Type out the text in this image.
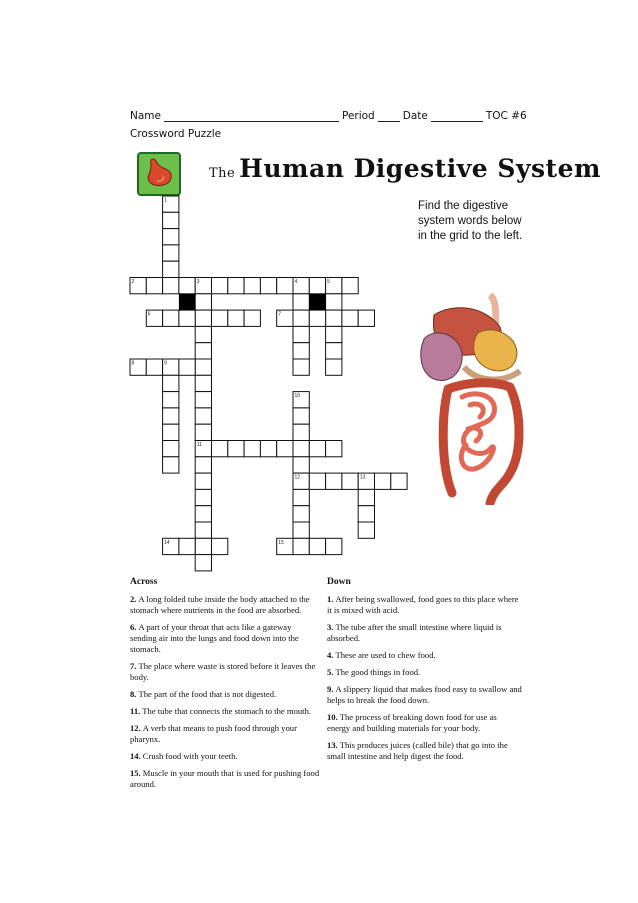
Name	Period	Date	TOC #6
Crossword Puzzle
The Human Digestive System
Find the digestive system words below in the grid to the left.
1
2	3	4	5
6	7
8	9
10
11
12	13
14	15
Across
2. A long folded tube inside the body attached to the stomach where nutrients in the food are absorbed.
6. A part of your throat that acts like a gateway sending air into the lungs and food down into the stomach.
7. The place where waste is stored before it leaves the body.
8. The part of the food that is not digested.
11. The tube that connects the stomach to the mouth.
12. A verb that means to push food through your pharynx.
14. Crush food with your teeth.
15. Muscle in your mouth that is used for pushing food around.
Down
1. After being swallowed, food goes to this place where it is mixed with acid.
3. The tube after the small intestine where liquid is absorbed.
4. These are used to chew food.
5. The good things in food.
9. A slippery liquid that makes food easy to swallow and helps to break the food down.
10. The process of breaking down food for use as energy and building materials for your body.
13. This produces juices (called bile) that go into the small intestine and help digest the food.
